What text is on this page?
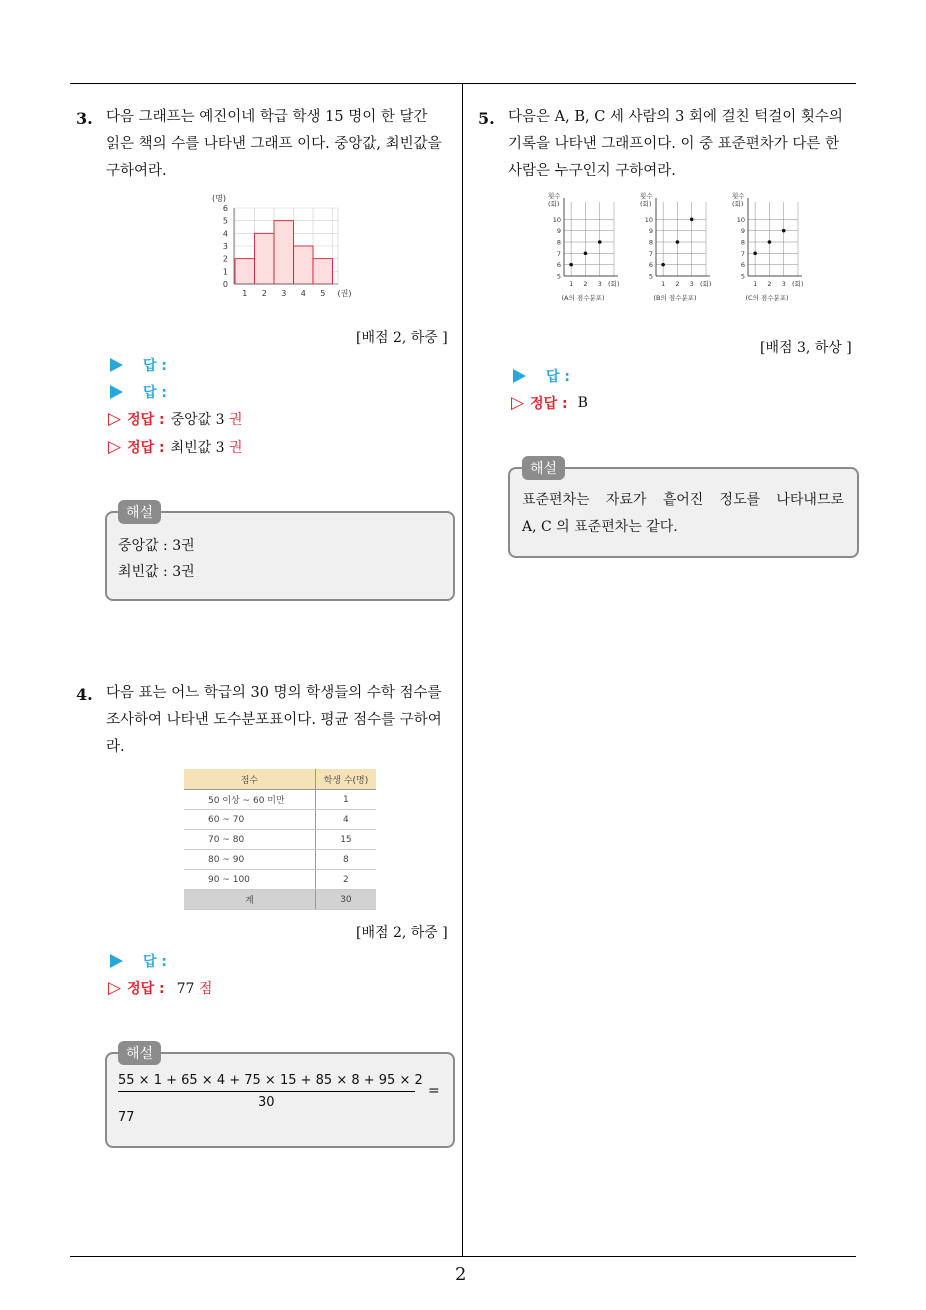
2
3. 다음 그래프는 예진이네 학급 학생 15 명이 한 달간
읽은 책의 수를 나타낸 그래프 이다. 중앙값, 최빈값을
구하여라.
0
1
2
3
4
5
6
1 2 3 4 5 (권)
(명)
[배점 2, 하중 ]
답 :
답 :
▷ 정답 : 중앙값 3 권
▷ 정답 : 최빈값 3 권
해설
중앙값 : 3권
최빈값 : 3권
4. 다음 표는 어느 학급의 30 명의 학생들의 수학 점수를
조사하여 나타낸 도수분포표이다. 평균 점수를 구하여
라.
점수	학생 수(명)
50 이상 ~ 60 미만	1
60 ~ 70	4
70 ~ 80	15
80 ~ 90	8
90 ~ 100	2
계	30
[배점 2, 하중 ]
답 :
▷ 정답 : 77 점
해설
55 × 1 + 65 × 4 + 75 × 15 + 85 × 8 + 95 × 2
30
=
77
5. 다음은 A, B, C 세 사람의 3 회에 걸친 턱걸이 횟수의
기록을 나타낸 그래프이다. 이 중 표준편차가 다른 한
사람은 누구인지 구하여라.
5
6
7
8
9
10
1 2 3
횟수
(회)
(회)
(A의 점수분포)
5
6
7
8
9
10
1 2 3
횟수
(회)
(회)
(B의 점수분포)
5
6
7
8
9
10
1 2 3
횟수
(회)
(회)
(C의 점수분포)
[배점 3, 하상 ]
답 :
▷ 정답 : B
해설
표준편차는 자료가 흩어진 정도를 나타내므로
A, C 의 표준편차는 같다.
